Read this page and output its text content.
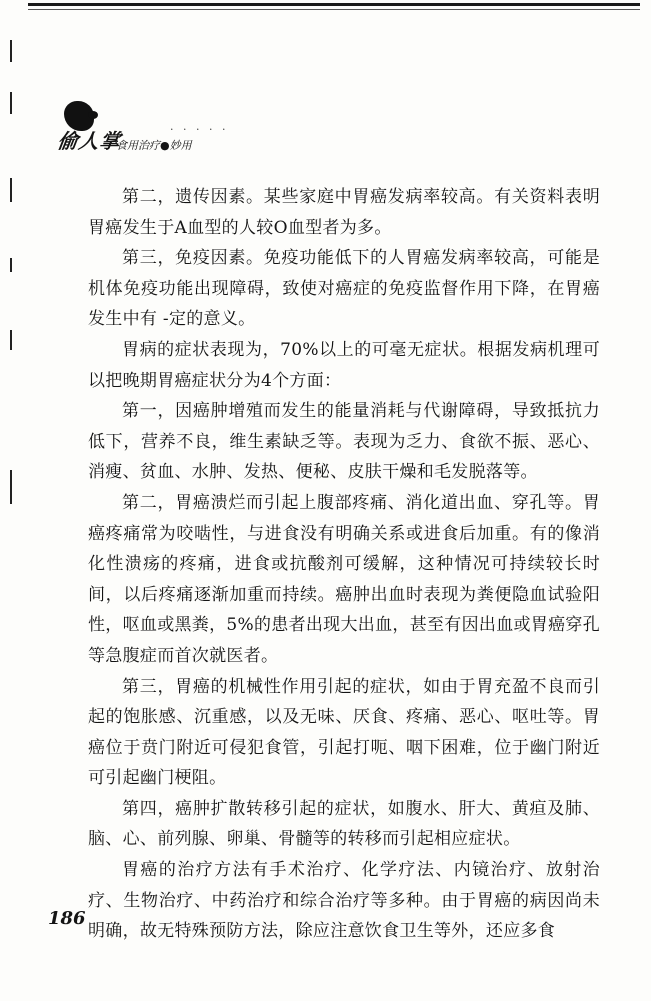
偷人掌	· · · · ·
食用治疗●妙用

第二，遗传因素。某些家庭中胃癌发病率较高。有关资料表明胃癌发生于A血型的人较O血型者为多。

第三，免疫因素。免疫功能低下的人胃癌发病率较高，可能是机体免疫功能出现障碍，致使对癌症的免疫监督作用下降，在胃癌发生中有 -定的意义。

胃病的症状表现为，70%以上的可毫无症状。根据发病机理可以把晚期胃癌症状分为4个方面：

第一，因癌肿增殖而发生的能量消耗与代谢障碍，导致抵抗力低下，营养不良，维生素缺乏等。表现为乏力、食欲不振、恶心、消瘦、贫血、水肿、发热、便秘、皮肤干燥和毛发脱落等。

第二，胃癌溃烂而引起上腹部疼痛、消化道出血、穿孔等。胃癌疼痛常为咬啮性，与进食没有明确关系或进食后加重。有的像消化性溃疡的疼痛，进食或抗酸剂可缓解，这种情况可持续较长时间，以后疼痛逐渐加重而持续。癌肿出血时表现为粪便隐血试验阳性，呕血或黑粪，5%的患者出现大出血，甚至有因出血或胃癌穿孔等急腹症而首次就医者。

第三，胃癌的机械性作用引起的症状，如由于胃充盈不良而引起的饱胀感、沉重感，以及无味、厌食、疼痛、恶心、呕吐等。胃癌位于贲门附近可侵犯食管，引起打呃、咽下困难，位于幽门附近可引起幽门梗阻。

第四，癌肿扩散转移引起的症状，如腹水、肝大、黄疸及肺、脑、心、前列腺、卵巢、骨髓等的转移而引起相应症状。

胃癌的治疗方法有手术治疗、化学疗法、内镜治疗、放射治疗、生物治疗、中药治疗和综合治疗等多种。由于胃癌的病因尚未明确，故无特殊预防方法，除应注意饮食卫生等外，还应多食

186
